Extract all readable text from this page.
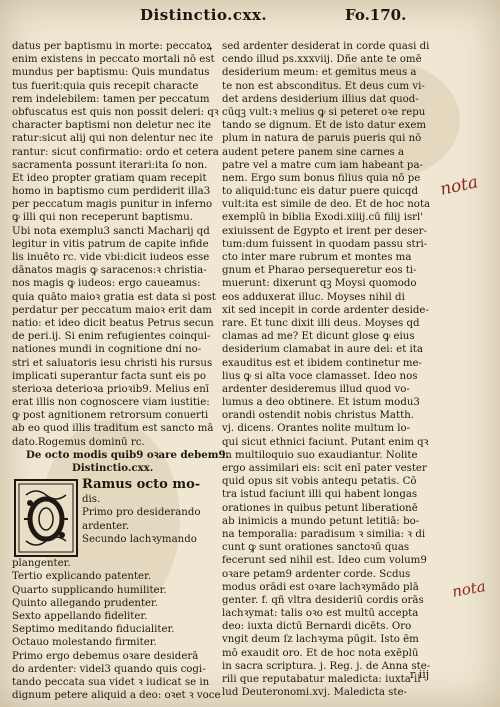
Distinctio.cxx.	Fo.170.
datus per baptismu in morte: peccatoꝝ
enim existens in peccato mortali nō est
mundus per baptismu: Quis mundatus
tus fuerit:quia quis recepit characte
rem indelebilem: tamen per peccatum
obfuscatus est quis non possit deleri: qꝛ
character baptismi non deletur nec ite
ratur:sicut alij qui non delentur nec ite
rantur: sicut confirmatio: ordo et cetera
sacramenta possunt iterari:ita ſo non.
Et ideo propter gratiam quam recepit
homo in baptismo cum perdiderit illa3
per peccatum magis punitur in inferno
ꝙ illi qui non receperunt baptismu.
Ubi nota exemplu3 sancti Macharij qd
legitur in vitis patrum de capite infide
lis inuēto rc. vide vbi:dicit iudeos esse
dānatos magis ꝙ saracenos:ꝛ christia-
nos magis ꝙ iudeos: ergo caueamus:
quia quāto maioꝛ gratia est data si post
perdatur per peccatum maioꝛ erit dam
natio: et ideo dicit beatus Petrus secun
de peri.ij. Si enim refugientes coinqui-
nationes mundi in cognitione dni no-
stri et saluatoris iesu christi his rursus
implicati superantur facta sunt eis po
sterioꝛa deterioꝛa prioꝛib9. Melius enī
erat illis non cognoscere viam iustitie:
ꝙ post agnitionem retrorsum conuerti
ab eo quod illis traditum est sancto mā
dato.Rogemus dominū rc.
De octo modis quib9 oꝛare debem9.
Distinctio.cxx.
Ramus octo mo-
dis.
Primo pro desiderando
ardenter.
Secundo lachꝛymando
plangenter.
Tertio explicando patenter.
Quarto supplicando humiliter.
Quinto allegando prudenter.
Sexto appellando fideliter.
Septimo meditando fiducialiter.
Octauo molestando firmiter.
Primo ergo debemus oꝛare desiderā
do ardenter: videl3 quando quis cogi-
tando peccata sua videt ꝛ iudicat se in
dignum petere aliquid a deo: oꝛet ꝛ voce
sed ardenter desiderat in corde quasi di
cendo illud ps.xxxviij. Dñe ante te omē
desiderium meum: et gemitus meus a
te non est absconditus. Et deus cum vi-
det ardens desiderium illius dat quod-
cūqꝫ vult:ꝛ melius ꝙ si peteret oꝛe repu
tando se dignum. Et de isto datur exem
plum in natura de paruis pueris qui nō
audent petere panem sine carnes a
patre vel a matre cum iam habeant pa-
nem. Ergo sum bonus filius quia nō pe
to aliquid:tunc eis datur puere quicqd
vult:ita est simile de deo. Et de hoc nota
exemplū in biblia Exodi.xiiij.cū filij isrl'
exiuissent de Egypto et irent per deser-
tum:dum fuissent in quodam passu stri-
cto inter mare rubrum et montes ma
gnum et Pharao persequeretur eos ti-
muerunt: dixerunt qꝫ Moysi quomodo
eos adduxerat illuc. Moyses nihil di
xit sed incepit in corde ardenter deside-
rare. Et tunc dixit illi deus. Moyses qd
clamas ad me? Et dicunt glose ꝙ eius
desiderium clamabat in aure dei: et ita
exauditus est et ibidem continetur me-
lius ꝙ si alta voce clamasset. Ideo nos
ardenter desideremus illud quod vo-
lumus a deo obtinere. Et istum modu3
orandi ostendit nobis christus Matth.
vj. dicens. Orantes nolite multum lo-
qui sicut ethnici faciunt. Putant enim qꝛ
in multiloquio suo exaudiantur. Nolite
ergo assimilari eis: scit enī pater vester
quid opus sit vobis antequ petatis. Cō
tra istud faciunt illi qui habent longas
orationes in quibus petunt liberationē
ab inimicis a mundo petunt letitiā: bo-
na temporalia: paradisum ꝛ similia: ꝛ di
cunt ꝙ sunt orationes sanctoꝛū quas
fecerunt sed nihil est. Ideo cum volum9
oꝛare petam9 ardenter corde. Scdus
modus orādi est oꝛare lachꝛymādo plā
genter. f. qñ vltra desideriū cordis orās
lachꝛymat: talis oꝛo est multū accepta
deo: iuxta dictū Bernardi dicēts. Oro
vngit deum ſz lachꝛyma pūgit. Isto ēm
mō exaudit oro. Et de hoc nota exēplū
in sacra scriptura. j. Reg. j. de Anna ste-
rili que reputabatur maledicta: iuxta il
lud Deuteronomi.xvj. Maledicta ste-
nota
nota
r iij
